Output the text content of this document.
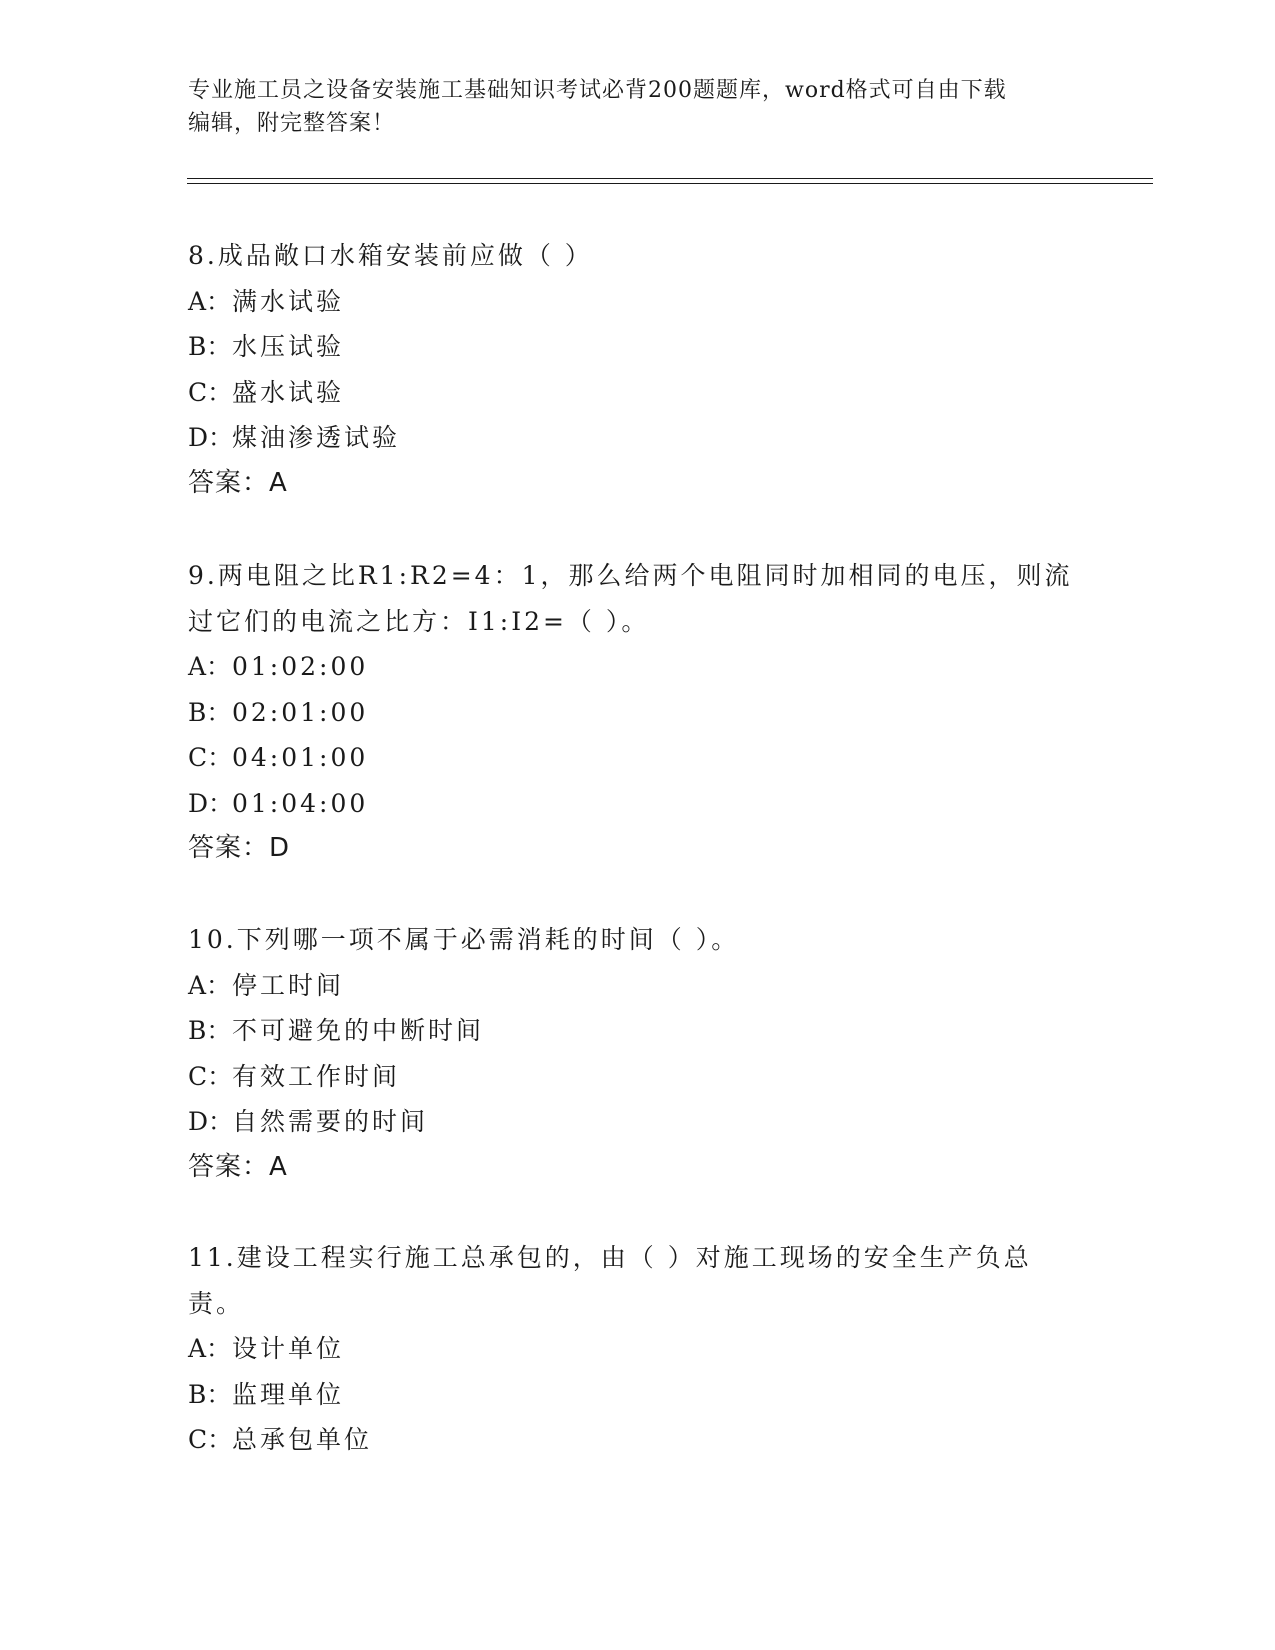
专业施工员之设备安装施工基础知识考试必背200题题库，word格式可自由下载
编辑，附完整答案！

8.成品敞口水箱安装前应做（ ）

A：满水试验

B：水压试验

C：盛水试验

D：煤油渗透试验

答案：A

9.两电阻之比R1:R2=4：1，那么给两个电阻同时加相同的电压，则流

过它们的电流之比方：I1:I2=（ ）。

A：01:02:00

B：02:01:00

C：04:01:00

D：01:04:00

答案：D

10.下列哪一项不属于必需消耗的时间（ ）。

A：停工时间

B：不可避免的中断时间

C：有效工作时间

D：自然需要的时间

答案：A

11.建设工程实行施工总承包的，由（ ）对施工现场的安全生产负总

责。

A：设计单位

B：监理单位

C：总承包单位
